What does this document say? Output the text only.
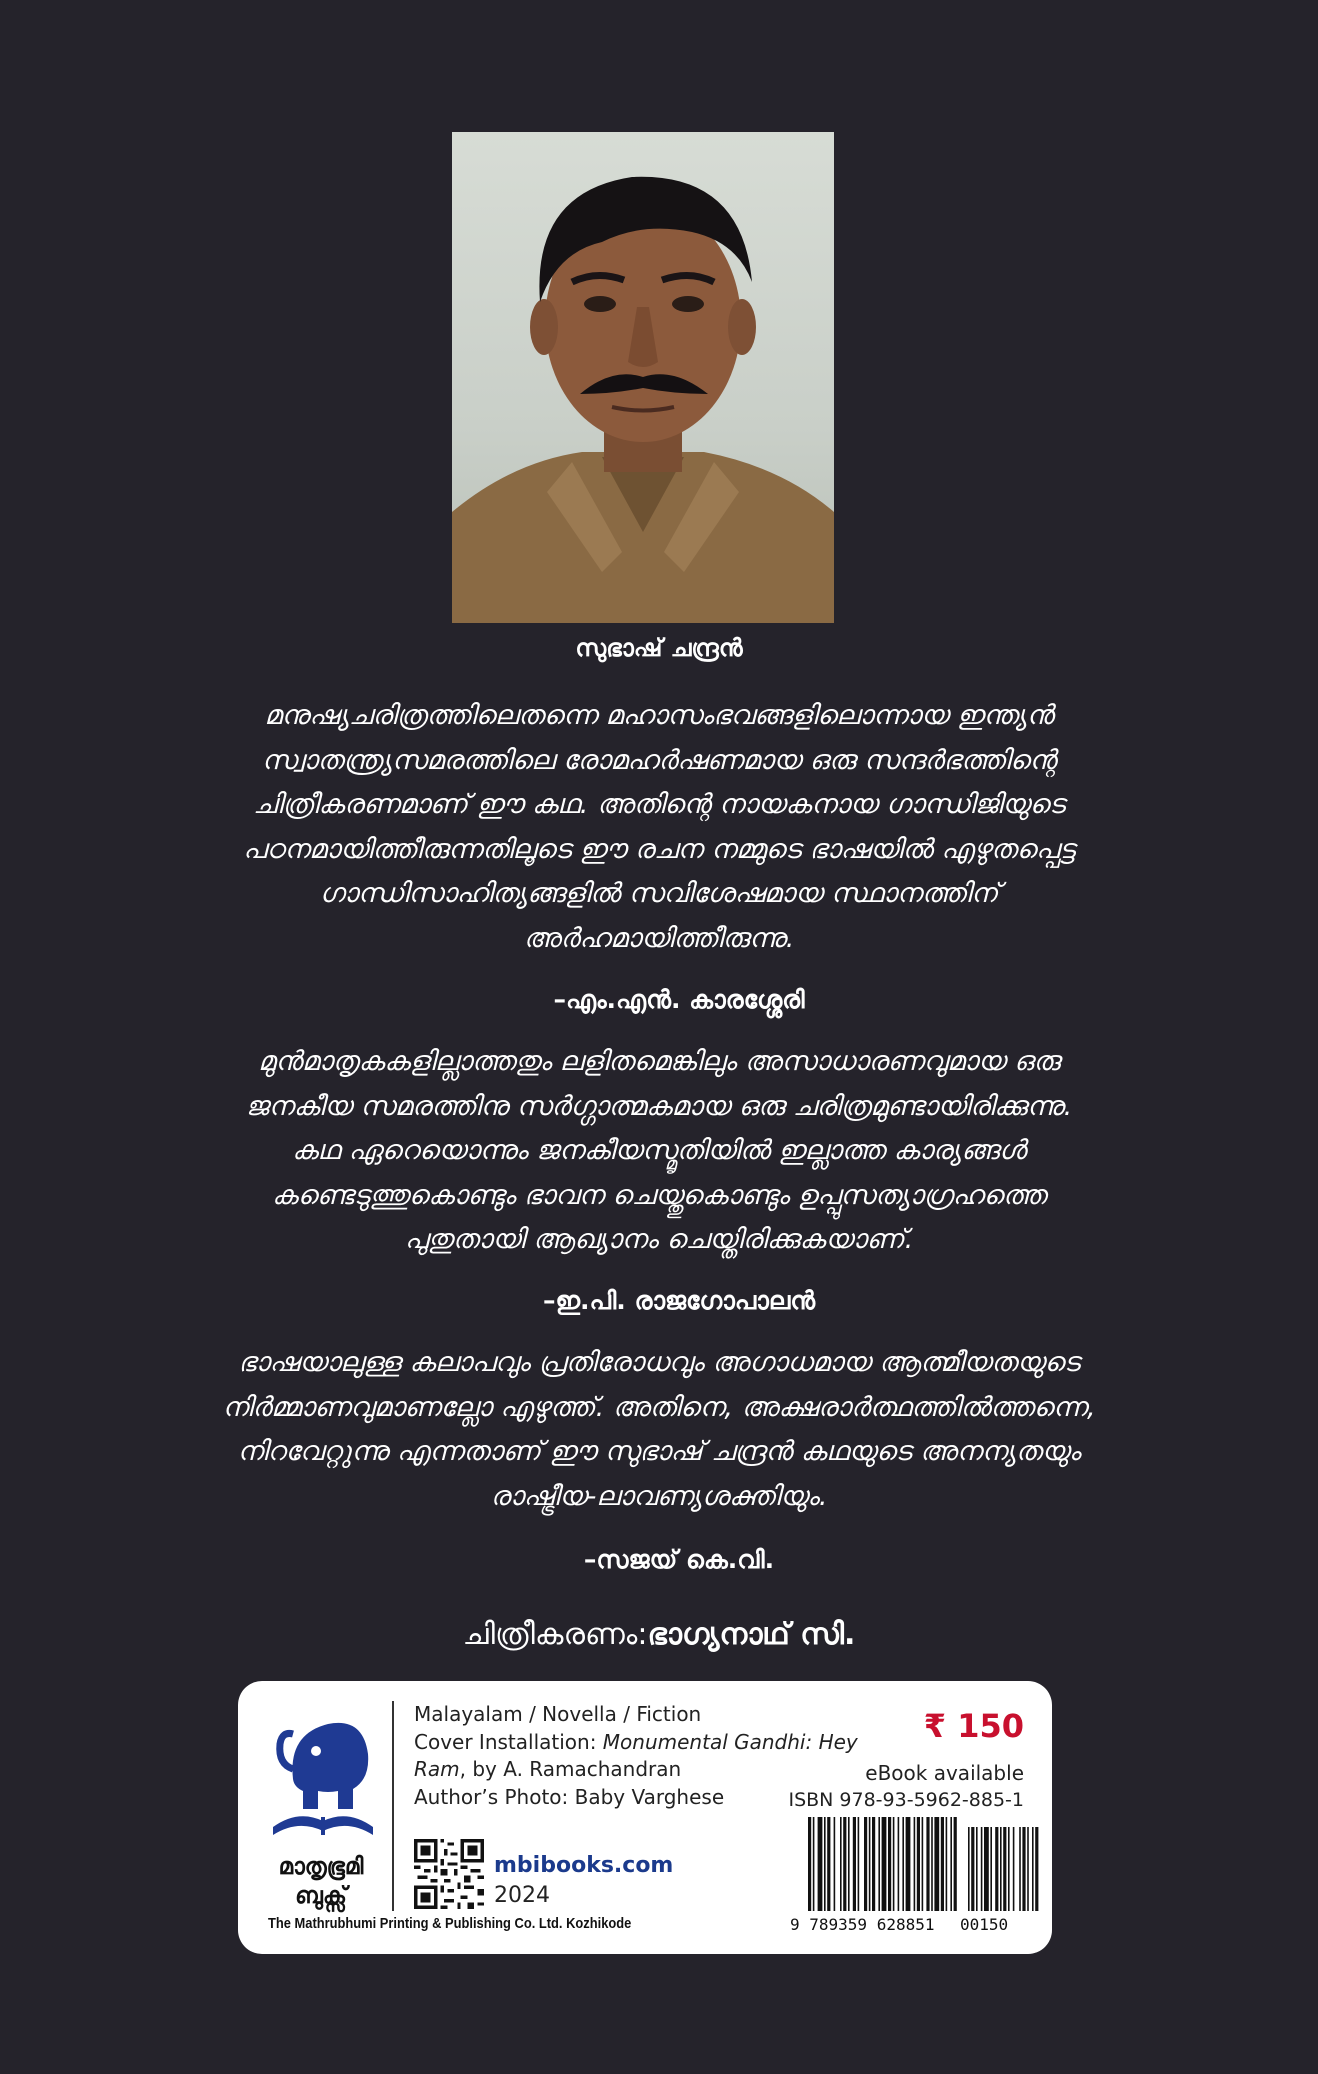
സുഭാഷ് ചന്ദ്രൻ
മനുഷ്യചരിത്രത്തിലെതന്നെ മഹാസംഭവങ്ങളിലൊന്നായ ഇന്ത്യൻ
സ്വാതന്ത്ര്യസമരത്തിലെ രോമഹർഷണമായ ഒരു സന്ദർഭത്തിന്റെ
ചിത്രീകരണമാണ് ഈ കഥ. അതിന്റെ നായകനായ ഗാന്ധിജിയുടെ
പഠനമായിത്തീരുന്നതിലൂടെ ഈ രചന നമ്മുടെ ഭാഷയിൽ എഴുതപ്പെട്ട
ഗാന്ധിസാഹിത്യങ്ങളിൽ സവിശേഷമായ സ്ഥാനത്തിന്
അർഹമായിത്തീരുന്നു.
–എം.എൻ. കാരശ്ശേരി
മുൻമാതൃകകളില്ലാത്തതും ലളിതമെങ്കിലും അസാധാരണവുമായ ഒരു
ജനകീയ സമരത്തിനു സർഗ്ഗാത്മകമായ ഒരു ചരിത്രമുണ്ടായിരിക്കുന്നു.
കഥ ഏറെയൊന്നും ജനകീയസ്മൃതിയിൽ ഇല്ലാത്ത കാര്യങ്ങൾ
കണ്ടെടുത്തുകൊണ്ടും ഭാവന ചെയ്തുകൊണ്ടും ഉപ്പുസത്യാഗ്രഹത്തെ
പുതുതായി ആഖ്യാനം ചെയ്തിരിക്കുകയാണ്.
–ഇ.പി. രാജഗോപാലൻ
ഭാഷയാലുള്ള കലാപവും പ്രതിരോധവും അഗാധമായ ആത്മീയതയുടെ
നിർമ്മാണവുമാണല്ലോ എഴുത്ത്. അതിനെ, അക്ഷരാർത്ഥത്തിൽത്തന്നെ,
നിറവേറ്റുന്നു എന്നതാണ് ഈ സുഭാഷ് ചന്ദ്രൻ കഥയുടെ അനന്യതയും
രാഷ്ട്രീയ-ലാവണ്യശക്തിയും.
–സജയ് കെ.വി.
ചിത്രീകരണം:ഭാഗ്യനാഥ് സി.
മാതൃഭൂമി
ബുക്സ്
The Mathrubhumi Printing & Publishing Co. Ltd. Kozhikode
Malayalam / Novella / Fiction
Cover Installation: Monumental Gandhi: Hey
Ram, by A. Ramachandran
Author’s Photo: Baby Varghese
mbibooks.com
2024
₹ 150
eBook available
ISBN 978-93-5962-885-1
9 789359 628851 00150
